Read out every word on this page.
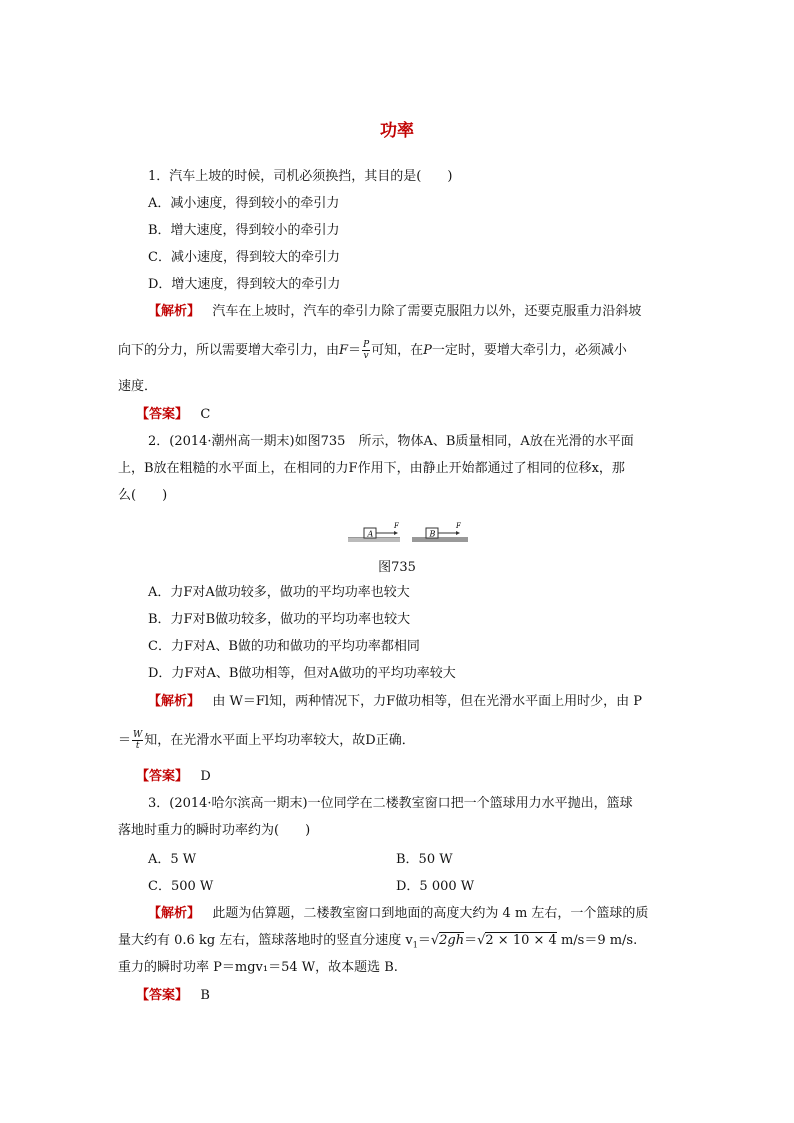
功率
1．汽车上坡的时候，司机必须换挡，其目的是(　　)
A．减小速度，得到较小的牵引力
B．增大速度，得到较小的牵引力
C．减小速度，得到较大的牵引力
D．增大速度，得到较大的牵引力
【解析】 汽车在上坡时，汽车的牵引力除了需要克服阻力以外，还要克服重力沿斜坡
向下的分力，所以需要增大牵引力，由$F= \frac{P}{v}$ 可知，在P一定时，要增大牵引力，必须减小
速度．
【答案】 C
2．(2014·潮州高一期末)如图735　所示，物体A、B质量相同，A放在光滑的水平面
上，B放在粗糙的水平面上，在相同的力F作用下，由静止开始都通过了相同的位移x，那
么(　　)
A
F
B
F
图735
A．力F对A做功较多，做功的平均功率也较大
B．力F对B做功较多，做功的平均功率也较大
C．力F对A、B做的功和做功的平均功率都相同
D．力F对A、B做功相等，但对A做功的平均功率较大
【解析】 由 W＝Fl知，两种情况下，力F做功相等，但在光滑水平面上用时少，由 P
＝ $\frac{W}{t}$ 知，在光滑水平面上平均功率较大，故D正确．
【答案】 D
3．(2014·哈尔滨高一期末)一位同学在二楼教室窗口把一个篮球用力水平抛出，篮球
落地时重力的瞬时功率约为(　　)
A．5 W	B．50 W
C．500 W	D．5 000 W
【解析】 此题为估算题，二楼教室窗口到地面的高度大约为 4 m 左右，一个篮球的质
量大约有 0.6 kg 左右，篮球落地时的竖直分速度 $v_1=√2gh=√2 \times 10 \times 4$ m/s＝9 m/s.
重力的瞬时功率 P＝mgv₁＝54 W，故本题选 B.
【答案】 B
